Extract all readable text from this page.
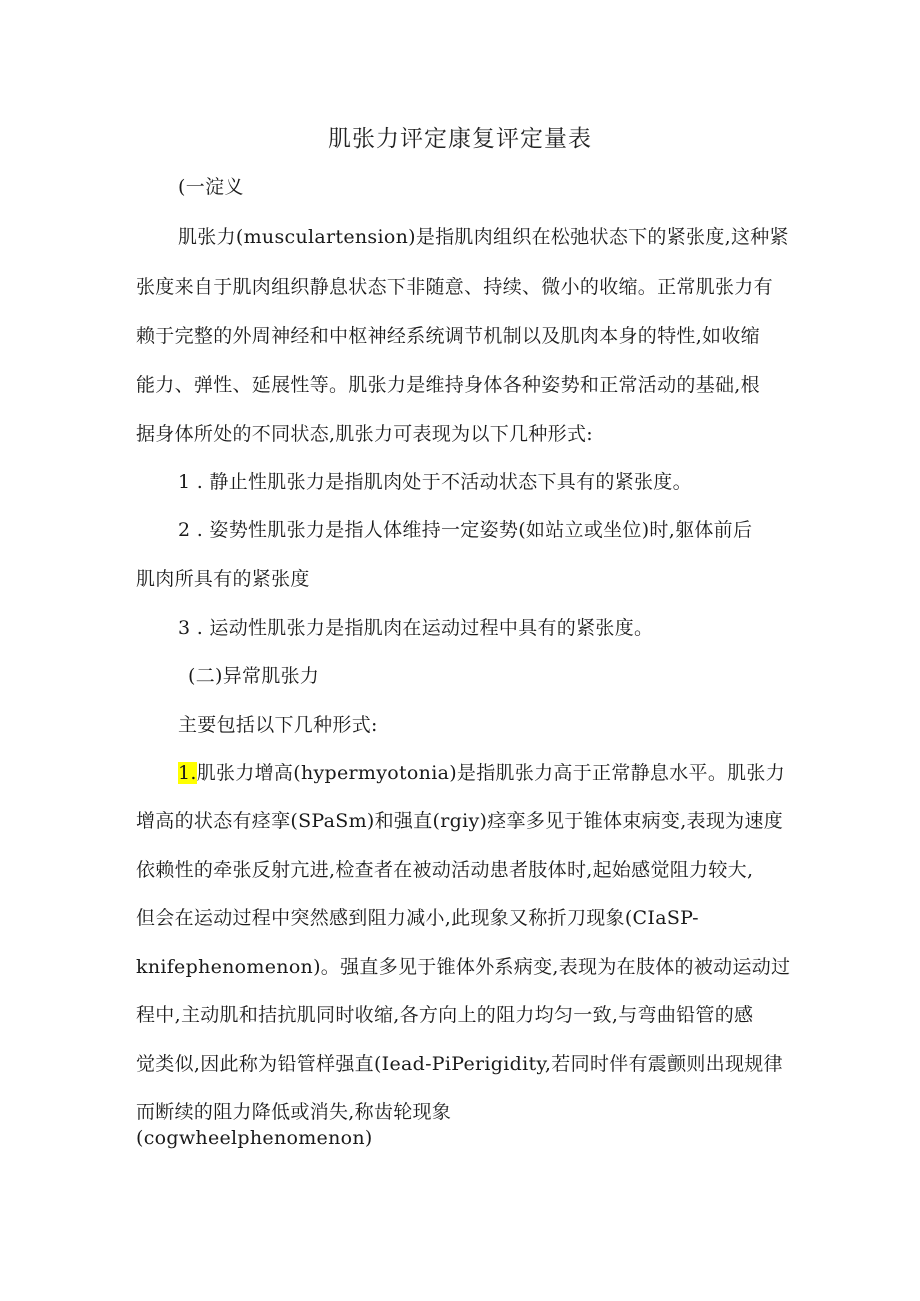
肌张力评定康复评定量表
(一淀义
肌张力(musculartension)是指肌肉组织在松弛状态下的紧张度,这种紧
张度来自于肌肉组织静息状态下非随意、持续、微小的收缩。正常肌张力有
赖于完整的外周神经和中枢神经系统调节机制以及肌肉本身的特性,如收缩
能力、弹性、延展性等。肌张力是维持身体各种姿势和正常活动的基础,根
据身体所处的不同状态,肌张力可表现为以下几种形式:
1 . 静止性肌张力是指肌肉处于不活动状态下具有的紧张度。
2 . 姿势性肌张力是指人体维持一定姿势(如站立或坐位)时,躯体前后
肌肉所具有的紧张度
3 . 运动性肌张力是指肌肉在运动过程中具有的紧张度。
(二)异常肌张力
主要包括以下几种形式:
1.肌张力增高(hypermyotonia)是指肌张力高于正常静息水平。肌张力
增高的状态有痉挛(SPaSm)和强直(rgiy)痉挛多见于锥体束病变,表现为速度
依赖性的牵张反射亢进,检查者在被动活动患者肢体时,起始感觉阻力较大,
但会在运动过程中突然感到阻力减小,此现象又称折刀现象(CIaSP-
knifephenomenon)。强直多见于锥体外系病变,表现为在肢体的被动运动过
程中,主动肌和拮抗肌同时收缩,各方向上的阻力均匀一致,与弯曲铅管的感
觉类似,因此称为铅管样强直(Iead-PiPerigidity,若同时伴有震颤则出现规律
而断续的阻力降低或消失,称齿轮现象
(cogwheelphenomenon)
